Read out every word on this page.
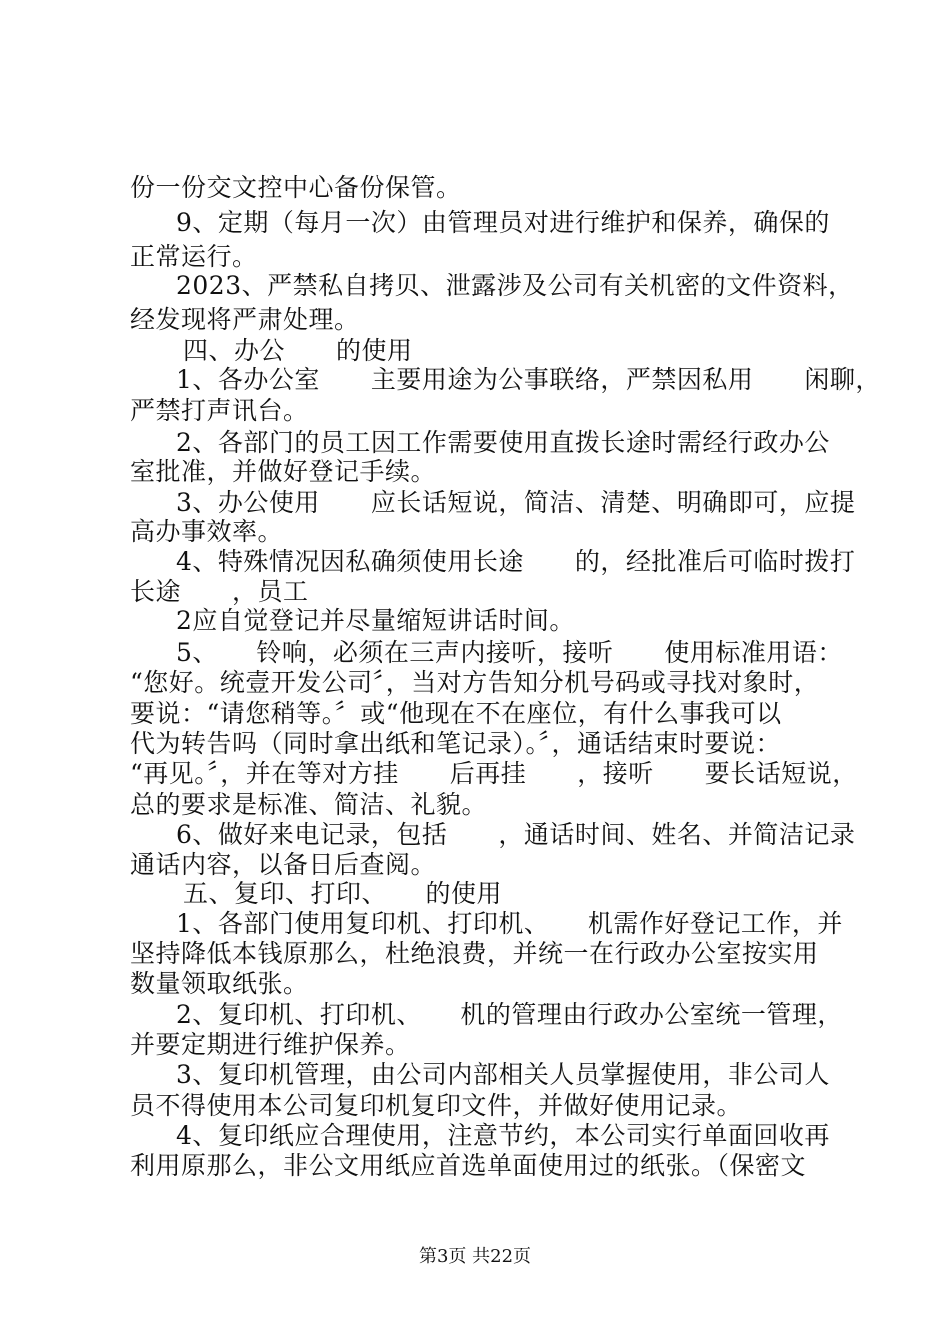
份一份交文控中心备份保管。
9、定期（每月一次）由管理员对进行维护和保养，确保的
正常运行。
2023、严禁私自拷贝、泄露涉及公司有关机密的文件资料，
经发现将严肃处理。
四、办公　　的使用
1、各办公室　　主要用途为公事联络，严禁因私用　　闲聊，
严禁打声讯台。
2、各部门的员工因工作需要使用直拨长途时需经行政办公
室批准，并做好登记手续。
3、办公使用　　应长话短说，简洁、清楚、明确即可，应提
高办事效率。
4、特殊情况因私确须使用长途　　的，经批准后可临时拨打
长途　　，员工
2应自觉登记并尽量缩短讲话时间。
5、　　铃响，必须在三声内接听，接听　　使用标准用语：
“您好。统壹开发公司〞，当对方告知分机号码或寻找对象时，
要说：“请您稍等。〞或“他现在不在座位，有什么事我可以
代为转告吗（同时拿出纸和笔记录）。〞，通话结束时要说：
“再见。〞，并在等对方挂　　后再挂　　，接听　　要长话短说，
总的要求是标准、简洁、礼貌。
6、做好来电记录，包括　　，通话时间、姓名、并简洁记录
通话内容，以备日后查阅。
五、复印、打印、　　的使用
1、各部门使用复印机、打印机、　　机需作好登记工作，并
坚持降低本钱原那么，杜绝浪费，并统一在行政办公室按实用
数量领取纸张。
2、复印机、打印机、　　机的管理由行政办公室统一管理，
并要定期进行维护保养。
3、复印机管理，由公司内部相关人员掌握使用，非公司人
员不得使用本公司复印机复印文件，并做好使用记录。
4、复印纸应合理使用，注意节约，本公司实行单面回收再
利用原那么，非公文用纸应首选单面使用过的纸张。（保密文
第3页 共22页
